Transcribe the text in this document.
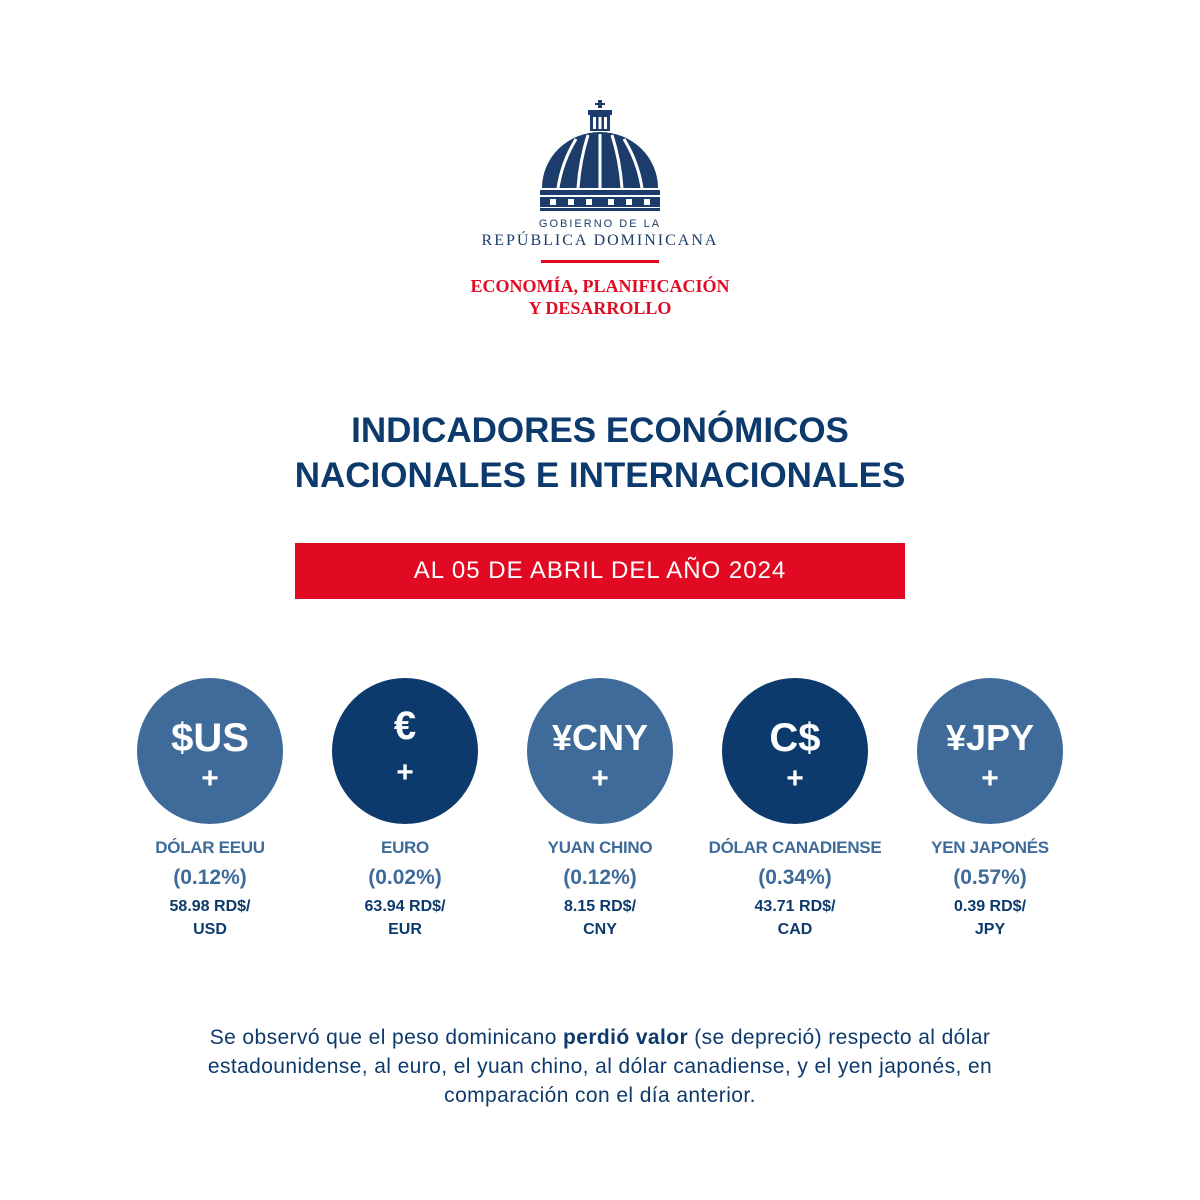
GOBIERNO DE LA
REPÚBLICA DOMINICANA
ECONOMÍA, PLANIFICACIÓN
Y DESARROLLO
INDICADORES ECONÓMICOS
NACIONALES E INTERNACIONALES
AL 05 DE ABRIL DEL AÑO 2024
$US
+
DÓLAR EEUU
(0.12%)
58.98 RD$/
USD
€
+
EURO
(0.02%)
63.94 RD$/
EUR
¥CNY
+
YUAN CHINO
(0.12%)
8.15 RD$/
CNY
C$
+
DÓLAR CANADIENSE
(0.34%)
43.71 RD$/
CAD
¥JPY
+
YEN JAPONÉS
(0.57%)
0.39 RD$/
JPY
Se observó que el peso dominicano perdió valor (se depreció) respecto al dólar estadounidense, al euro, el yuan chino, al dólar canadiense, y el yen japonés, en comparación con el día anterior.
